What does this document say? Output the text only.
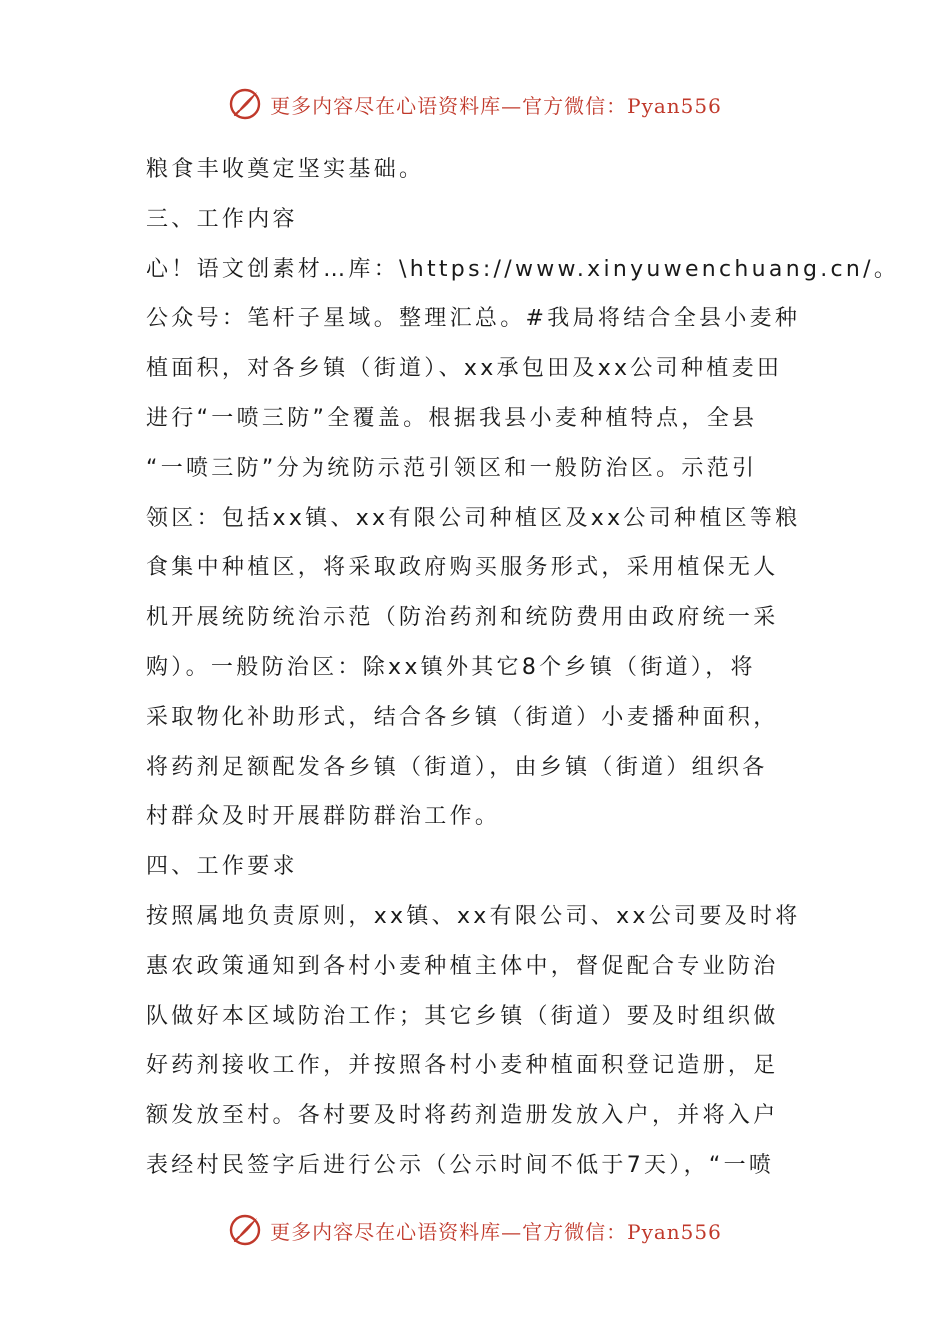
更多内容尽在心语资料库—官方微信：Pyan556
粮食丰收奠定坚实基础。
三、工作内容
心！语文创素材…库：\https://www.xinyuwenchuang.cn/。
公众号：笔杆子星域。整理汇总。#我局将结合全县小麦种
植面积，对各乡镇（街道）、xx承包田及xx公司种植麦田
进行“一喷三防”全覆盖。根据我县小麦种植特点，全县
“一喷三防”分为统防示范引领区和一般防治区。示范引
领区：包括xx镇、xx有限公司种植区及xx公司种植区等粮
食集中种植区，将采取政府购买服务形式，采用植保无人
机开展统防统治示范（防治药剂和统防费用由政府统一采
购）。一般防治区：除xx镇外其它8个乡镇（街道），将
采取物化补助形式，结合各乡镇（街道）小麦播种面积，
将药剂足额配发各乡镇（街道），由乡镇（街道）组织各
村群众及时开展群防群治工作。
四、工作要求
按照属地负责原则，xx镇、xx有限公司、xx公司要及时将
惠农政策通知到各村小麦种植主体中，督促配合专业防治
队做好本区域防治工作；其它乡镇（街道）要及时组织做
好药剂接收工作，并按照各村小麦种植面积登记造册，足
额发放至村。各村要及时将药剂造册发放入户，并将入户
表经村民签字后进行公示（公示时间不低于7天），“一喷
更多内容尽在心语资料库—官方微信：Pyan556
